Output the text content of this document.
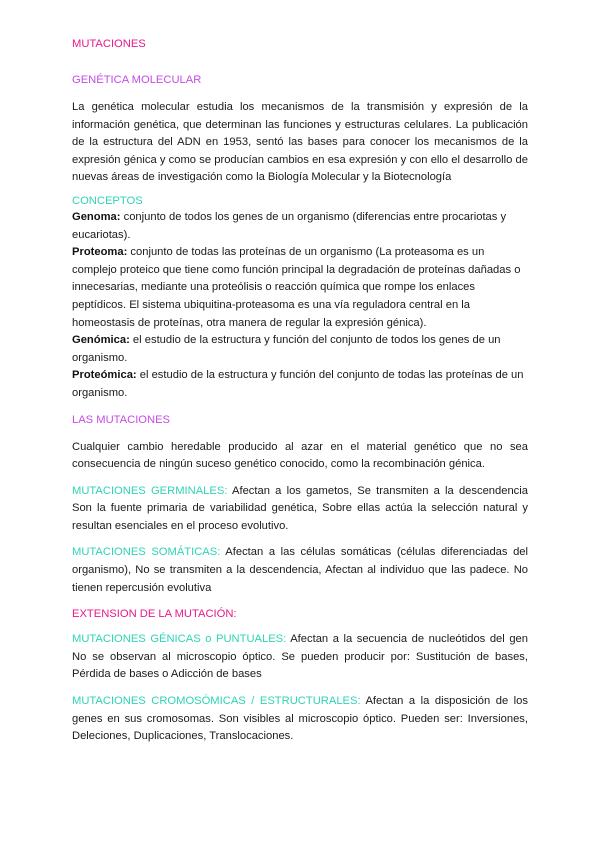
MUTACIONES
GENÉTICA MOLECULAR

La genética molecular estudia los mecanismos de la transmisión y expresión de la información genética, que determinan las funciones y estructuras celulares. La publicación de la estructura del ADN en 1953, sentó las bases para conocer los mecanismos de la expresión génica y como se producían cambios en esa expresión y con ello el desarrollo de nuevas áreas de investigación como la Biología Molecular y la Biotecnología

CONCEPTOS

Genoma: conjunto de todos los genes de un organismo (diferencias entre procariotas y eucariotas).

Proteoma: conjunto de todas las proteínas de un organismo (La proteasoma es un complejo proteico que tiene como función principal la degradación de proteínas dañadas o innecesarias, mediante una proteólisis o reacción química que rompe los enlaces peptídicos. El sistema ubiquitina-proteasoma es una vía reguladora central en la homeostasis de proteínas, otra manera de regular la expresión génica).

Genómica: el estudio de la estructura y función del conjunto de todos los genes de un organismo.

Proteómica: el estudio de la estructura y función del conjunto de todas las proteínas de un organismo.

LAS MUTACIONES

Cualquier cambio heredable producido al azar en el material genético que no sea consecuencia de ningún suceso genético conocido, como la recombinación génica.

MUTACIONES GERMINALES: Afectan a los gametos, Se transmiten a la descendencia Son la fuente primaria de variabilidad genética, Sobre ellas actúa la selección natural y resultan esenciales en el proceso evolutivo.

MUTACIONES SOMÁTICAS: Afectan a las células somáticas (células diferenciadas del organismo), No se transmiten a la descendencia, Afectan al individuo que las padece. No tienen repercusión evolutiva

EXTENSION DE LA MUTACIÓN:

MUTACIONES GÉNICAS o PUNTUALES: Afectan a la secuencia de nucleótidos del gen No se observan al microscopio óptico. Se pueden producir por: Sustitución de bases, Pérdida de bases o Adicción de bases

MUTACIONES CROMOSÓMICAS / ESTRUCTURALES: Afectan a la disposición de los genes en sus cromosomas. Son visibles al microscopio óptico. Pueden ser: Inversiones, Deleciones, Duplicaciones, Translocaciones.
